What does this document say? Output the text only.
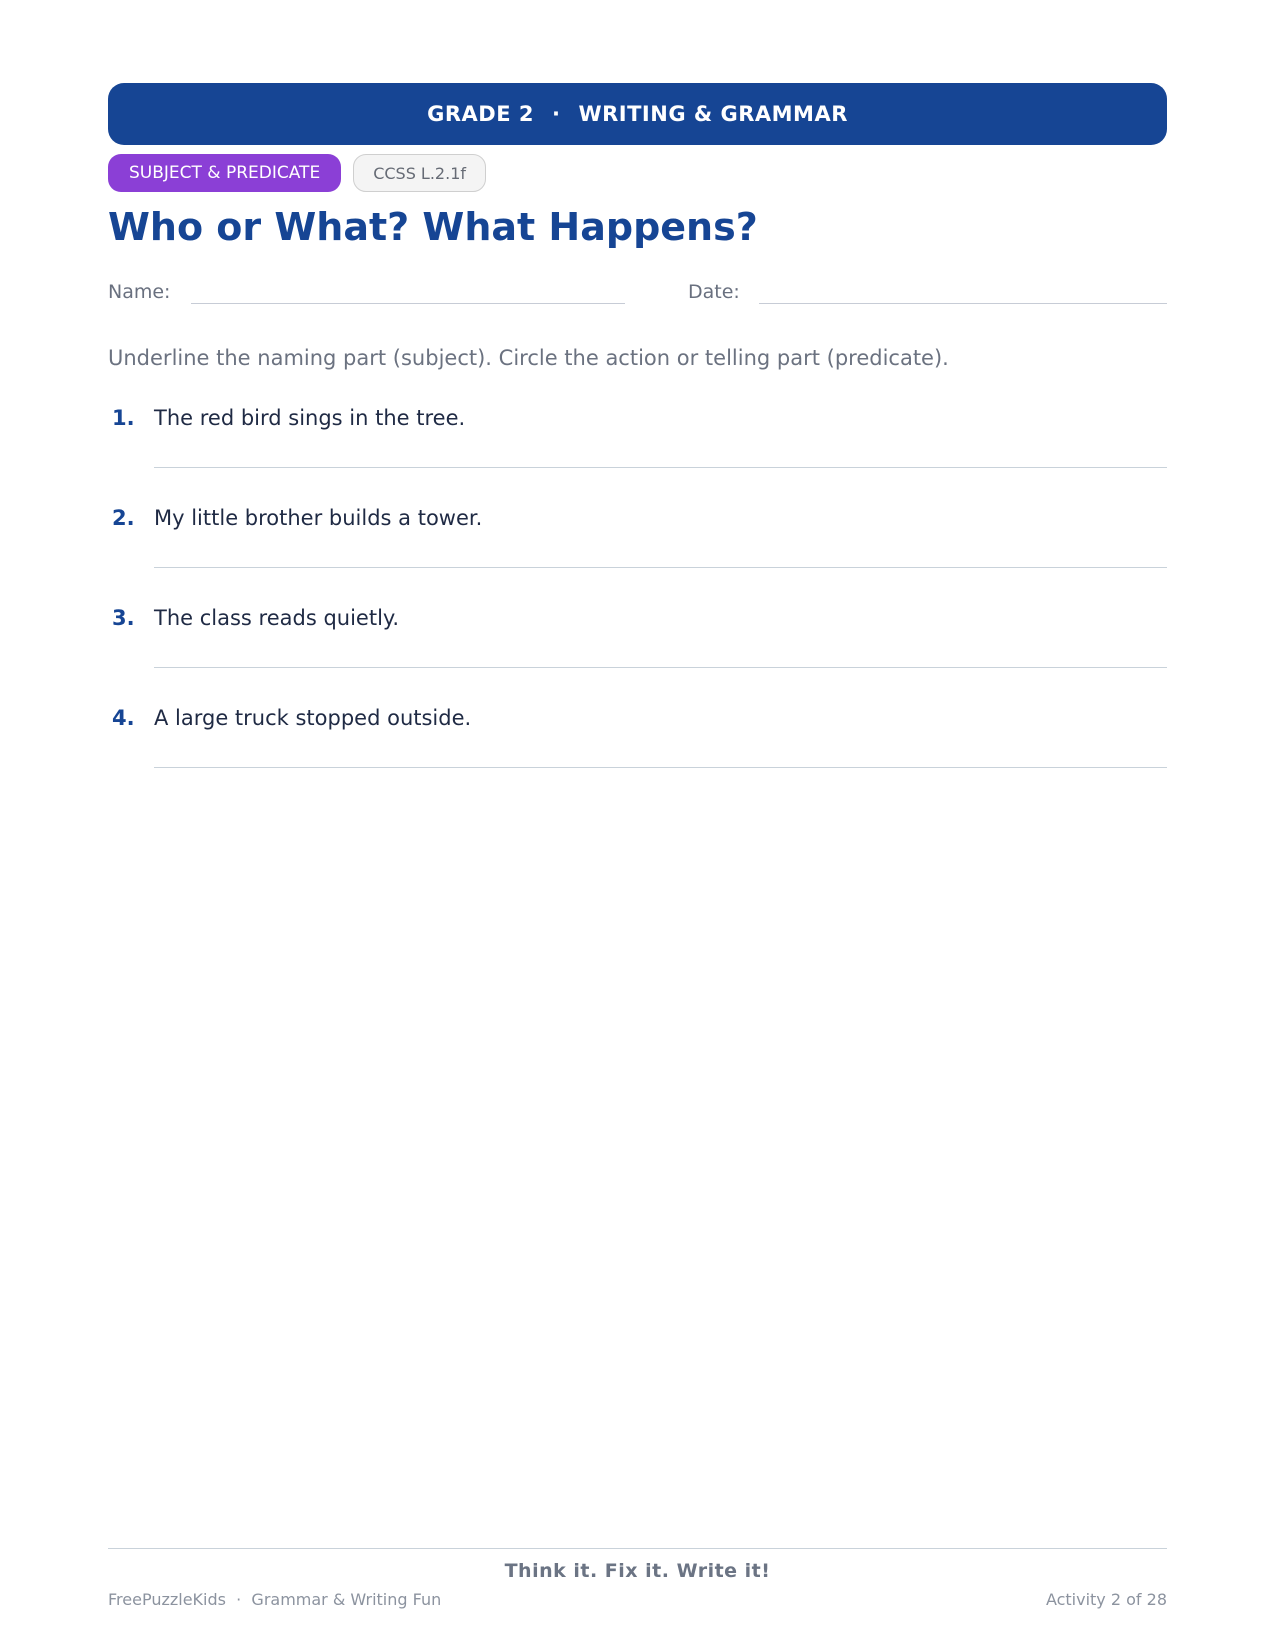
GRADE 2 · WRITING & GRAMMAR
SUBJECT & PREDICATE	CCSS L.2.1f
Who or What? What Happens?
Name:	Date:

Underline the naming part (subject). Circle the action or telling part (predicate).

1. The red bird sings in the tree.
2. My little brother builds a tower.
3. The class reads quietly.
4. A large truck stopped outside.
Think it. Fix it. Write it!
FreePuzzleKids · Grammar & Writing Fun	Activity 2 of 28
